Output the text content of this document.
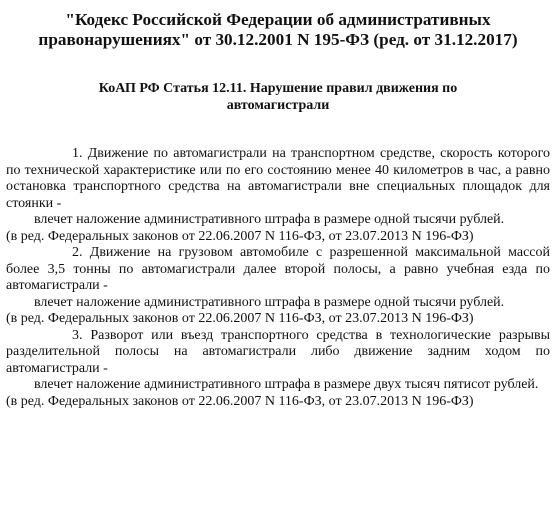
"Кодекс Российской Федерации об административных правонарушениях" от 30.12.2001 N 195-ФЗ (ред. от 31.12.2017)
КоАП РФ Статья 12.11. Нарушение правил движения по автомагистрали

1. Движение по автомагистрали на транспортном средстве, скорость которого по технической характеристике или по его состоянию менее 40 километров в час, а равно остановка транспортного средства на автомагистрали вне специальных площадок для стоянки -

влечет наложение административного штрафа в размере одной тысячи рублей.

(в ред. Федеральных законов от 22.06.2007 N 116-ФЗ, от 23.07.2013 N 196-ФЗ)

2. Движение на грузовом автомобиле с разрешенной максимальной массой более 3,5 тонны по автомагистрали далее второй полосы, а равно учебная езда по автомагистрали -

влечет наложение административного штрафа в размере одной тысячи рублей.

(в ред. Федеральных законов от 22.06.2007 N 116-ФЗ, от 23.07.2013 N 196-ФЗ)

3. Разворот или въезд транспортного средства в технологические разрывы разделительной полосы на автомагистрали либо движение задним ходом по автомагистрали -

влечет наложение административного штрафа в размере двух тысяч пятисот рублей.

(в ред. Федеральных законов от 22.06.2007 N 116-ФЗ, от 23.07.2013 N 196-ФЗ)
